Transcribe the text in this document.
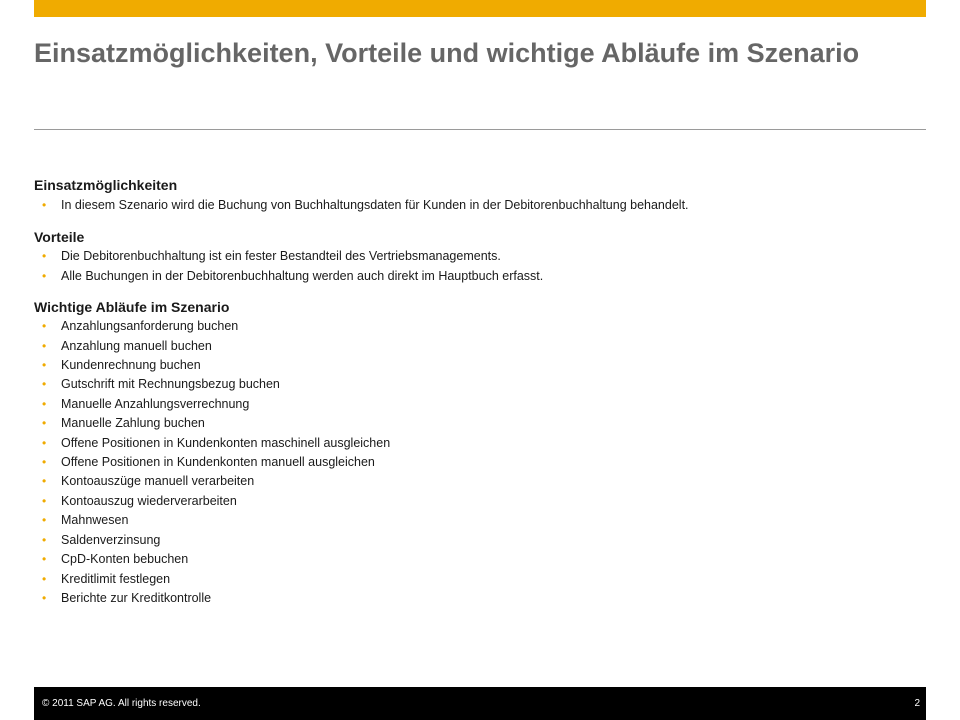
Einsatzmöglichkeiten, Vorteile und wichtige Abläufe im Szenario
Einsatzmöglichkeiten
• In diesem Szenario wird die Buchung von Buchhaltungsdaten für Kunden in der Debitorenbuchhaltung behandelt.
Vorteile
• Die Debitorenbuchhaltung ist ein fester Bestandteil des Vertriebsmanagements.
• Alle Buchungen in der Debitorenbuchhaltung werden auch direkt im Hauptbuch erfasst.
Wichtige Abläufe im Szenario
• Anzahlungsanforderung buchen
• Anzahlung manuell buchen
• Kundenrechnung buchen
• Gutschrift mit Rechnungsbezug buchen
• Manuelle Anzahlungsverrechnung
• Manuelle Zahlung buchen
• Offene Positionen in Kundenkonten maschinell ausgleichen
• Offene Positionen in Kundenkonten manuell ausgleichen
• Kontoauszüge manuell verarbeiten
• Kontoauszug wiederverarbeiten
• Mahnwesen
• Saldenverzinsung
• CpD-Konten bebuchen
• Kreditlimit festlegen
• Berichte zur Kreditkontrolle
© 2011 SAP AG. All rights reserved.	2
